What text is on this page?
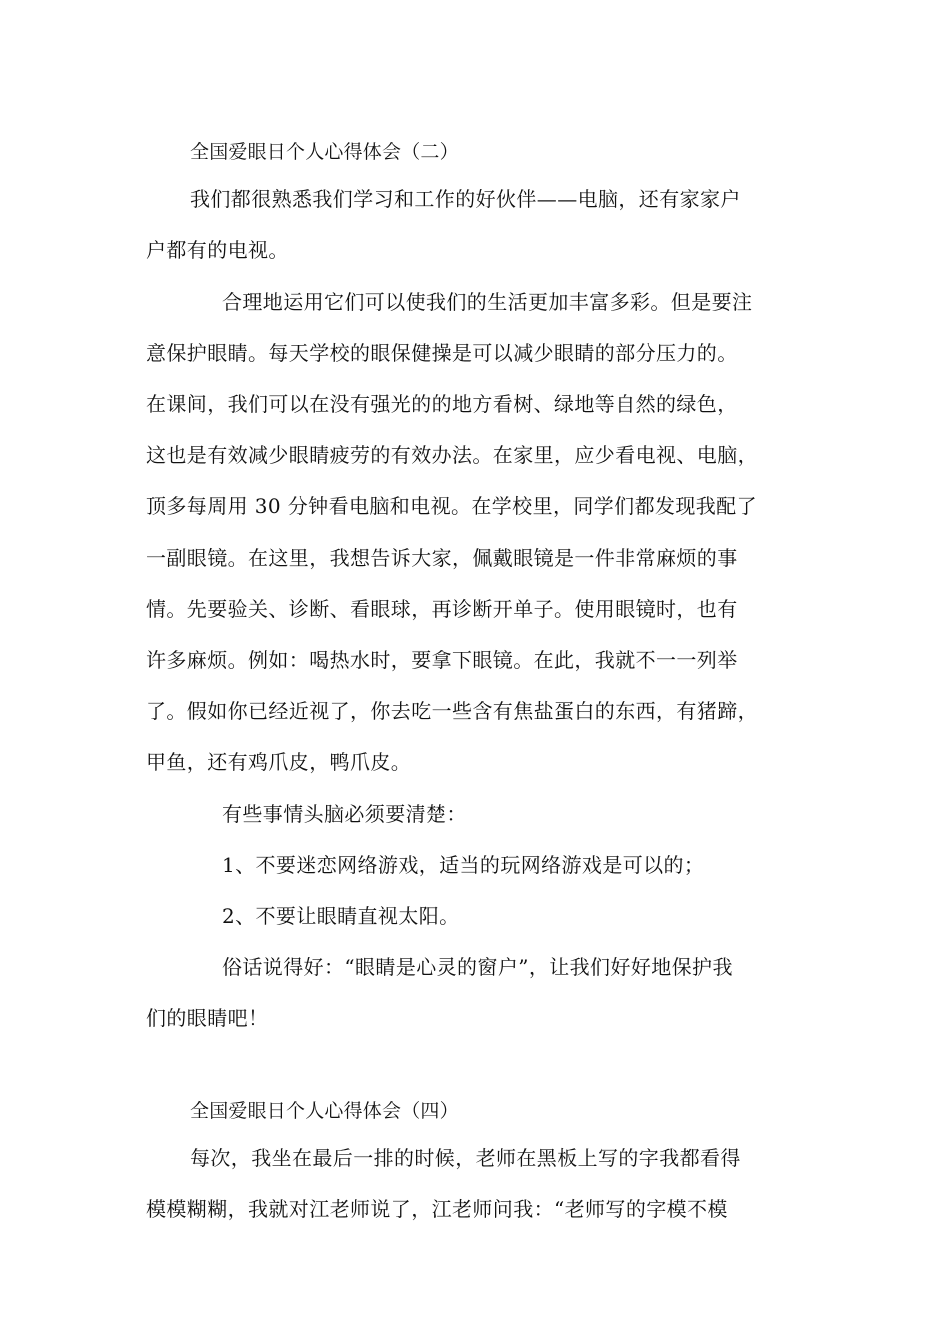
全国爱眼日个人心得体会（二）
我们都很熟悉我们学习和工作的好伙伴——电脑，还有家家户
户都有的电视。
合理地运用它们可以使我们的生活更加丰富多彩。但是要注
意保护眼睛。每天学校的眼保健操是可以减少眼睛的部分压力的。
在课间，我们可以在没有强光的的地方看树、绿地等自然的绿色，
这也是有效减少眼睛疲劳的有效办法。在家里，应少看电视、电脑，
顶多每周用 30 分钟看电脑和电视。在学校里，同学们都发现我配了
一副眼镜。在这里，我想告诉大家，佩戴眼镜是一件非常麻烦的事
情。先要验关、诊断、看眼球，再诊断开单子。使用眼镜时，也有
许多麻烦。例如：喝热水时，要拿下眼镜。在此，我就不一一列举
了。假如你已经近视了，你去吃一些含有焦盐蛋白的东西，有猪蹄，
甲鱼，还有鸡爪皮，鸭爪皮。
有些事情头脑必须要清楚：
1、不要迷恋网络游戏，适当的玩网络游戏是可以的；
2、不要让眼睛直视太阳。
俗话说得好：“眼睛是心灵的窗户”，让我们好好地保护我
们的眼睛吧！
全国爱眼日个人心得体会（四）
每次，我坐在最后一排的时候，老师在黑板上写的字我都看得
模模糊糊，我就对江老师说了，江老师问我：“老师写的字模不模
